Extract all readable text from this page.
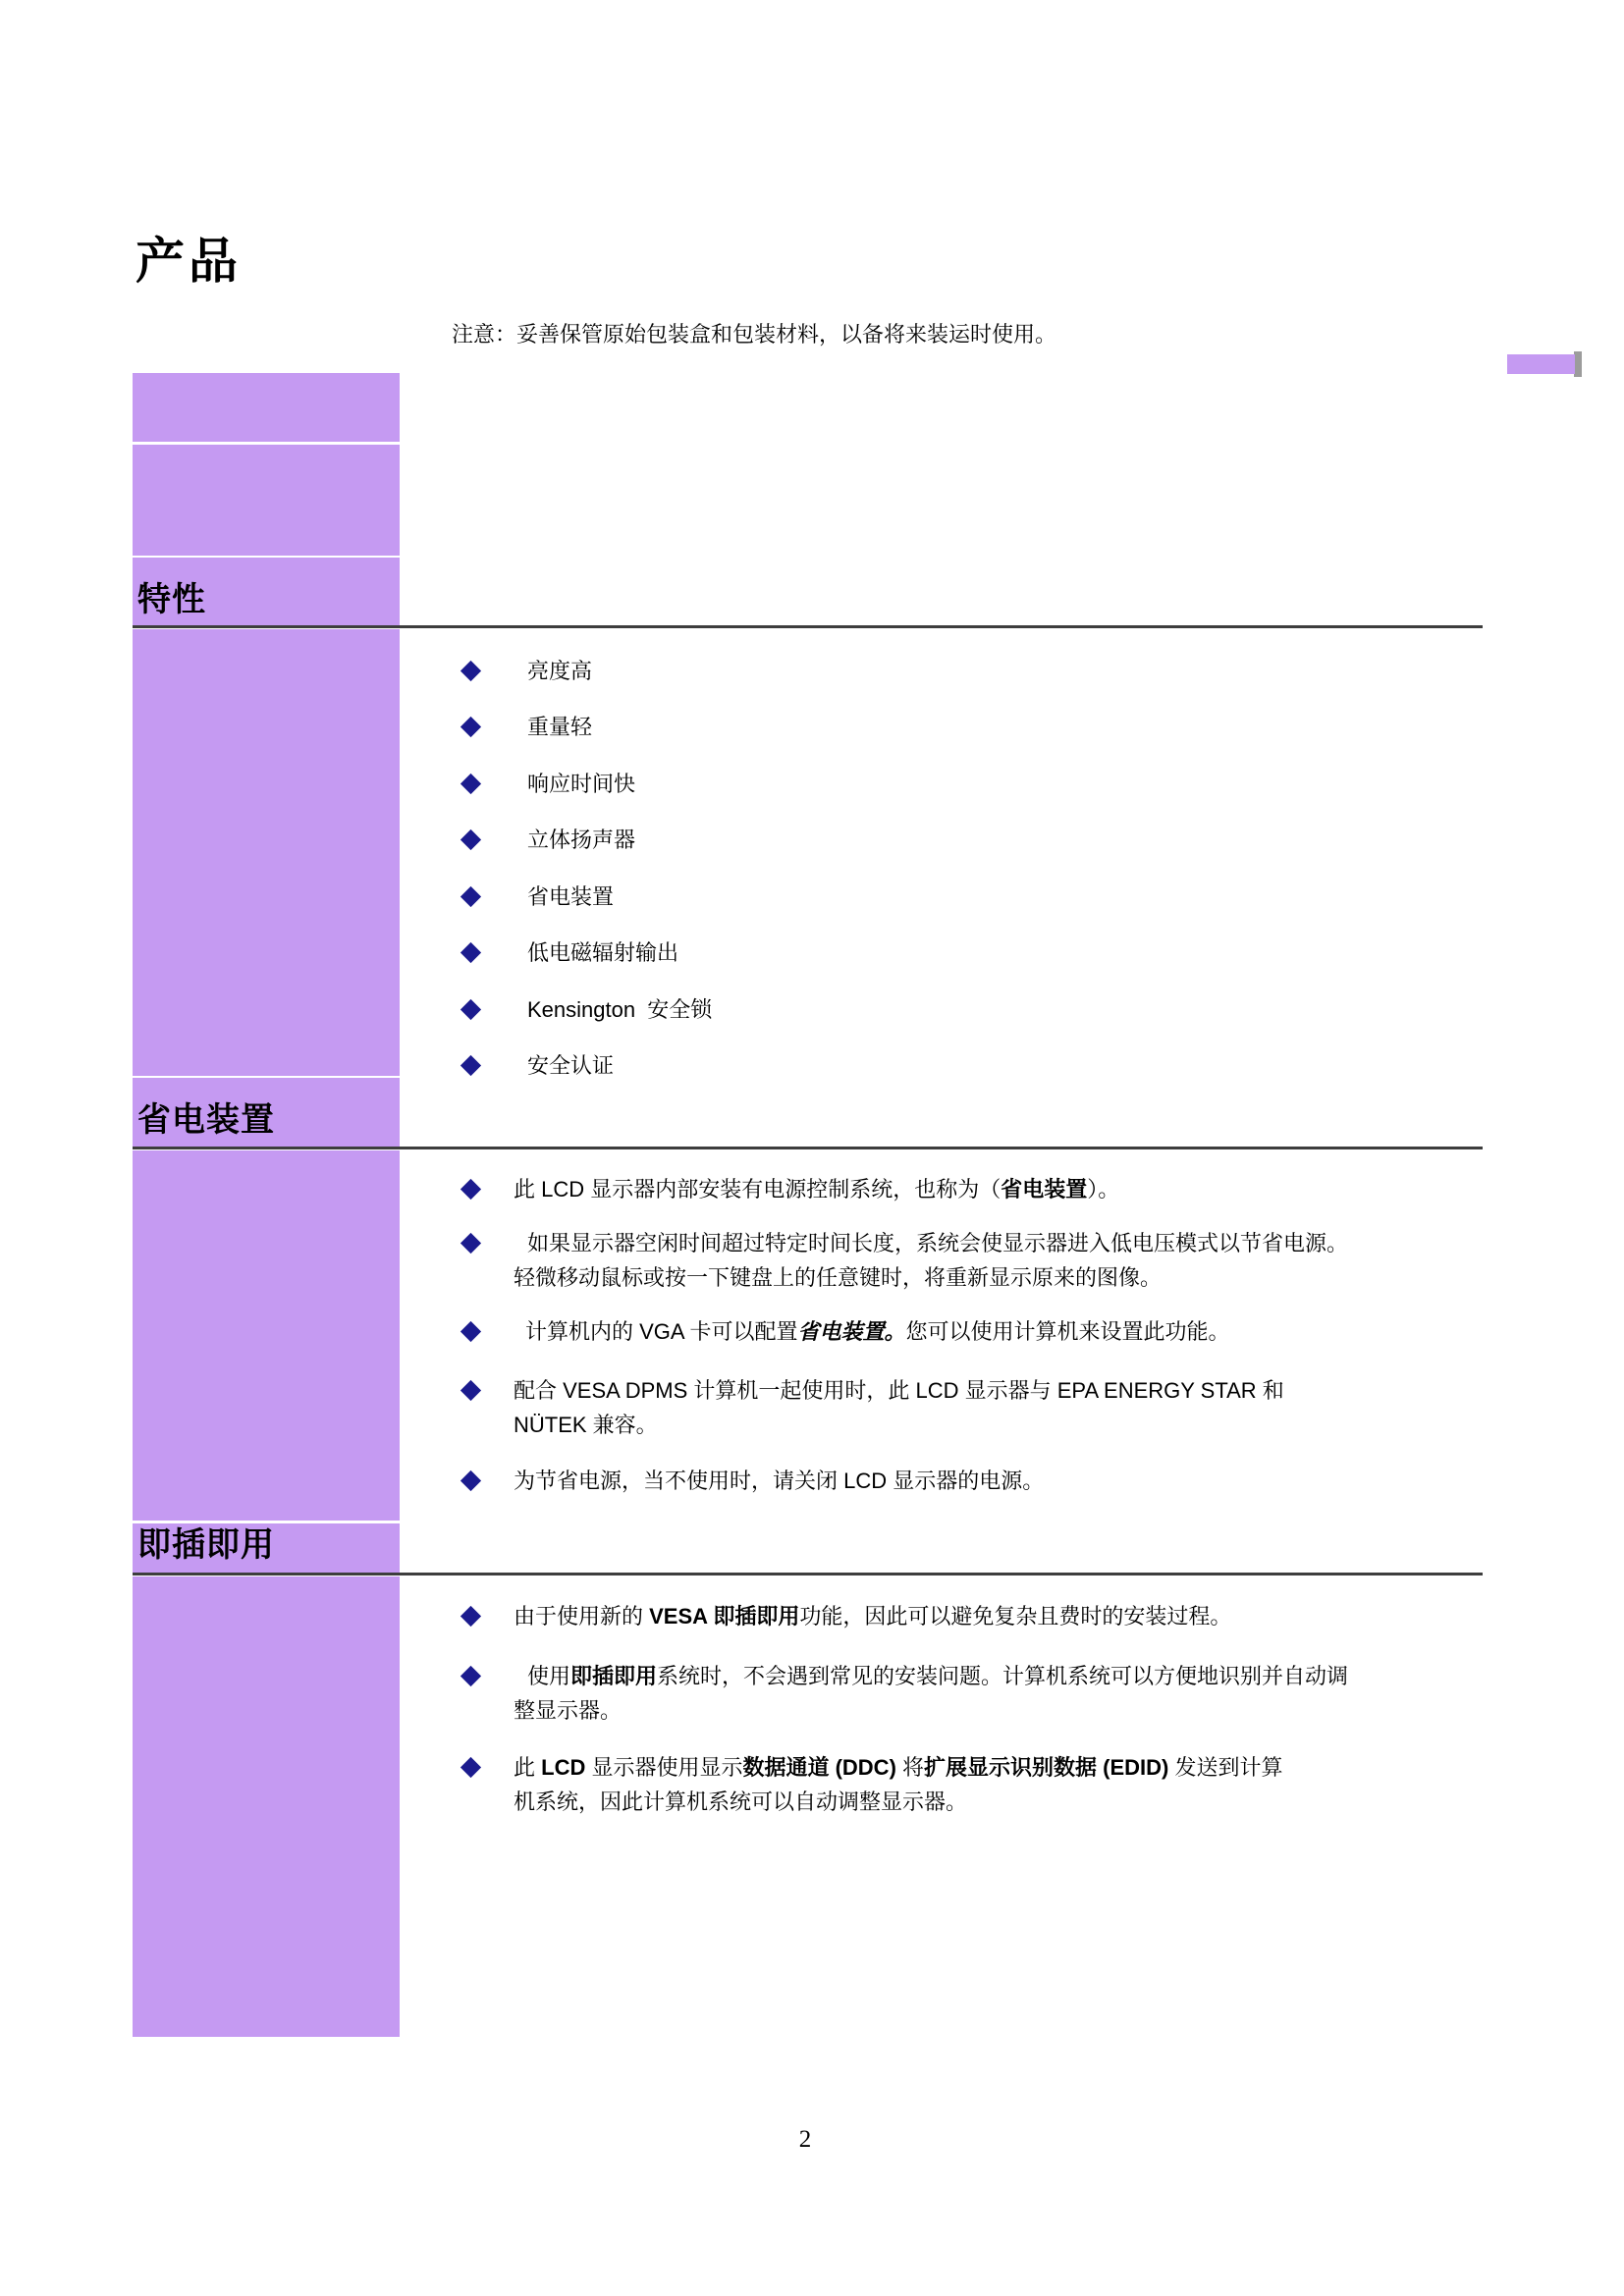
产品
注意：妥善保管原始包装盒和包装材料，以备将来装运时使用。
特性
省电装置
即插即用
亮度高
重量轻
响应时间快
立体扬声器
省电装置
低电磁辐射输出
Kensington  安全锁
安全认证
此 LCD 显示器内部安装有电源控制系统，也称为（省电装置）。
如果显示器空闲时间超过特定时间长度，系统会使显示器进入低电压模式以节省电源。
轻微移动鼠标或按一下键盘上的任意键时，将重新显示原来的图像。
计算机内的 VGA 卡可以配置省电装置。您可以使用计算机来设置此功能。
配合 VESA DPMS 计算机一起使用时，此 LCD 显示器与 EPA ENERGY STAR 和
NÜTEK 兼容。
为节省电源，当不使用时，请关闭 LCD 显示器的电源。
由于使用新的 VESA 即插即用功能，因此可以避免复杂且费时的安装过程。
使用即插即用系统时，不会遇到常见的安装问题。计算机系统可以方便地识别并自动调
整显示器。
此 LCD 显示器使用显示数据通道 (DDC) 将扩展显示识别数据 (EDID) 发送到计算
机系统，因此计算机系统可以自动调整显示器。
2
